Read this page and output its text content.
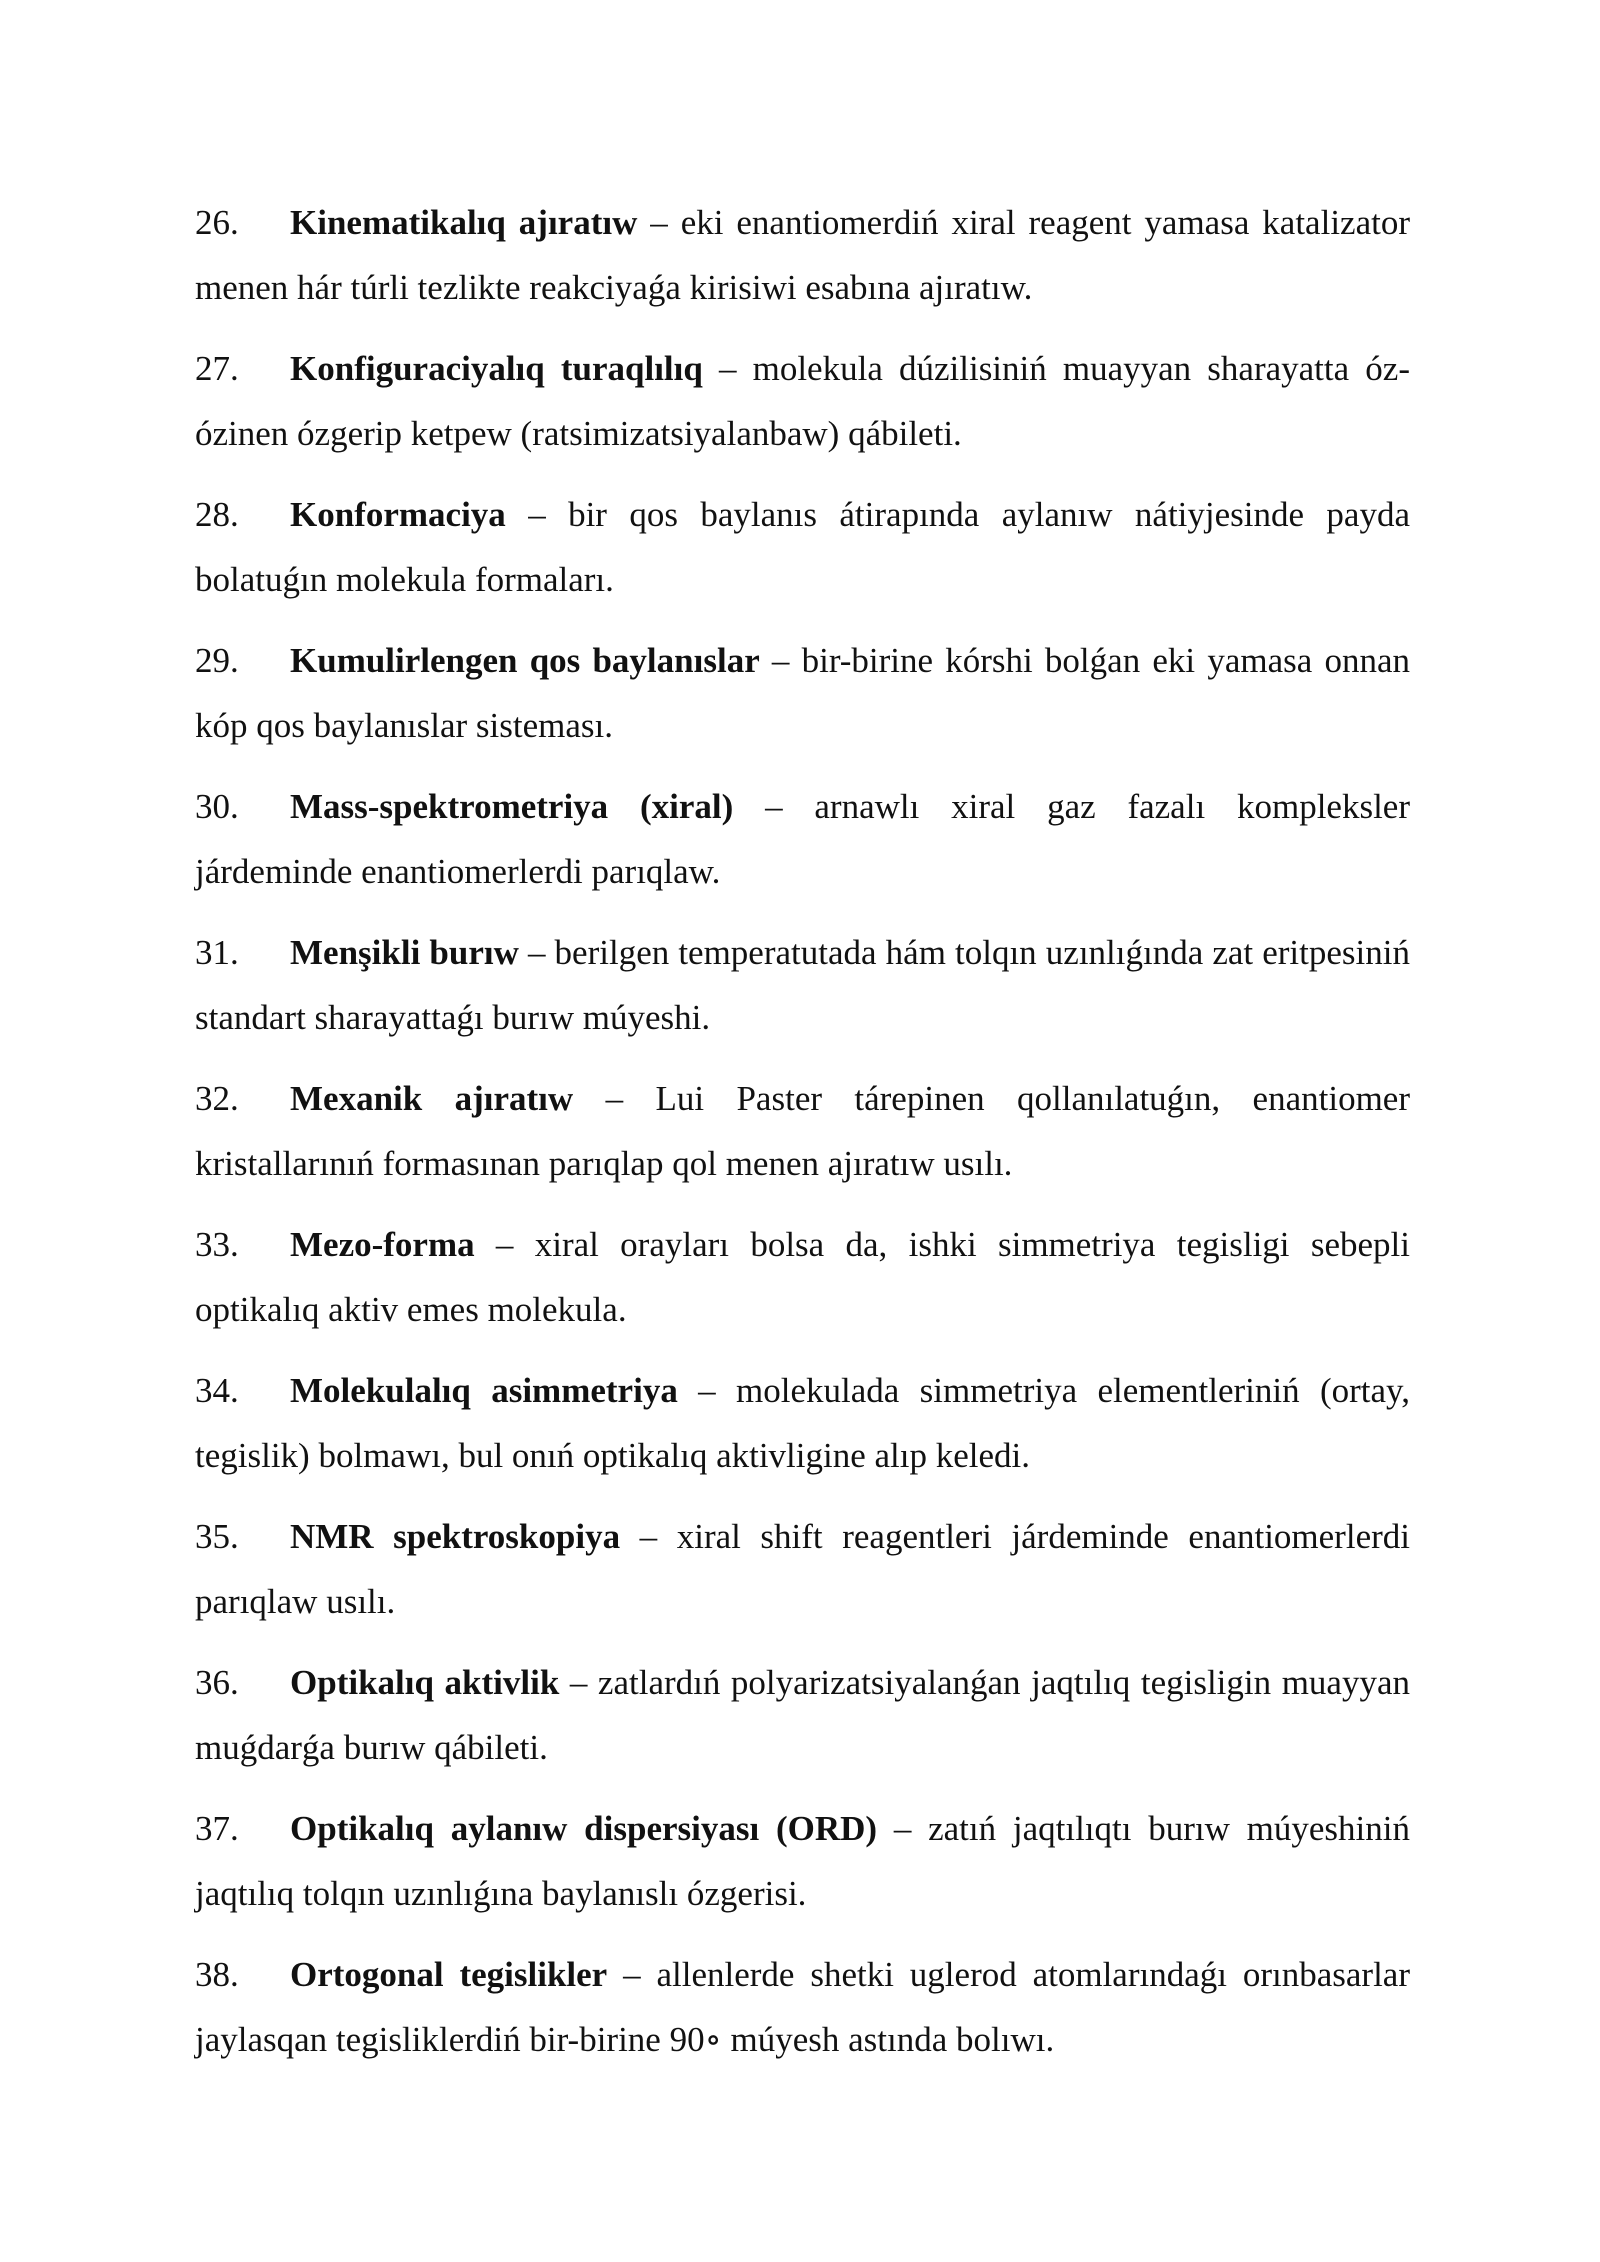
26. Kinematikalıq ajıratıw – eki enantiomerdiń xiral reagent yamasa katalizator menen hár túrli tezlikte reakciyaǵa kirisiwi esabına ajıratıw.

27. Konfiguraciyalıq turaqlılıq – molekula dúzilisiniń muayyan sharayatta óz-ózinen ózgerip ketpew (ratsimizatsiyalanbaw) qábileti.

28. Konformaciya – bir qos baylanıs átirapında aylanıw nátiyjesinde payda bolatuǵın molekula formaları.

29. Kumulirlengen qos baylanıslar – bir-birine kórshi bolǵan eki yamasa onnan kóp qos baylanıslar sisteması.

30. Mass-spektrometriya (xiral) – arnawlı xiral gaz fazalı kompleksler járdeminde enantiomerlerdi parıqlaw.

31. Menşikli burıw – berilgen temperatutada hám tolqın uzınlıǵında zat eritpesiniń standart sharayattaǵı burıw múyeshi.

32. Mexanik ajıratıw – Lui Paster tárepinen qollanılatuǵın, enantiomer kristallarınıń formasınan parıqlap qol menen ajıratıw usılı.

33. Mezo-forma – xiral orayları bolsa da, ishki simmetriya tegisligi sebepli optikalıq aktiv emes molekula.

34. Molekulalıq asimmetriya – molekulada simmetriya elementleriniń (ortay, tegislik) bolmawı, bul onıń optikalıq aktivligine alıp keledi.

35. NMR spektroskopiya – xiral shift reagentleri járdeminde enantiomerlerdi parıqlaw usılı.

36. Optikalıq aktivlik – zatlardıń polyarizatsiyalanǵan jaqtılıq tegisligin muayyan muǵdarǵa burıw qábileti.

37. Optikalıq aylanıw dispersiyası (ORD) – zatıń jaqtılıqtı burıw múyeshiniń jaqtılıq tolqın uzınlıǵına baylanıslı ózgerisi.

38. Ortogonal tegislikler – allenlerde shetki uglerod atomlarındaǵı orınbasarlar jaylasqan tegisliklerdiń bir-birine 90∘ múyesh astında bolıwı.
